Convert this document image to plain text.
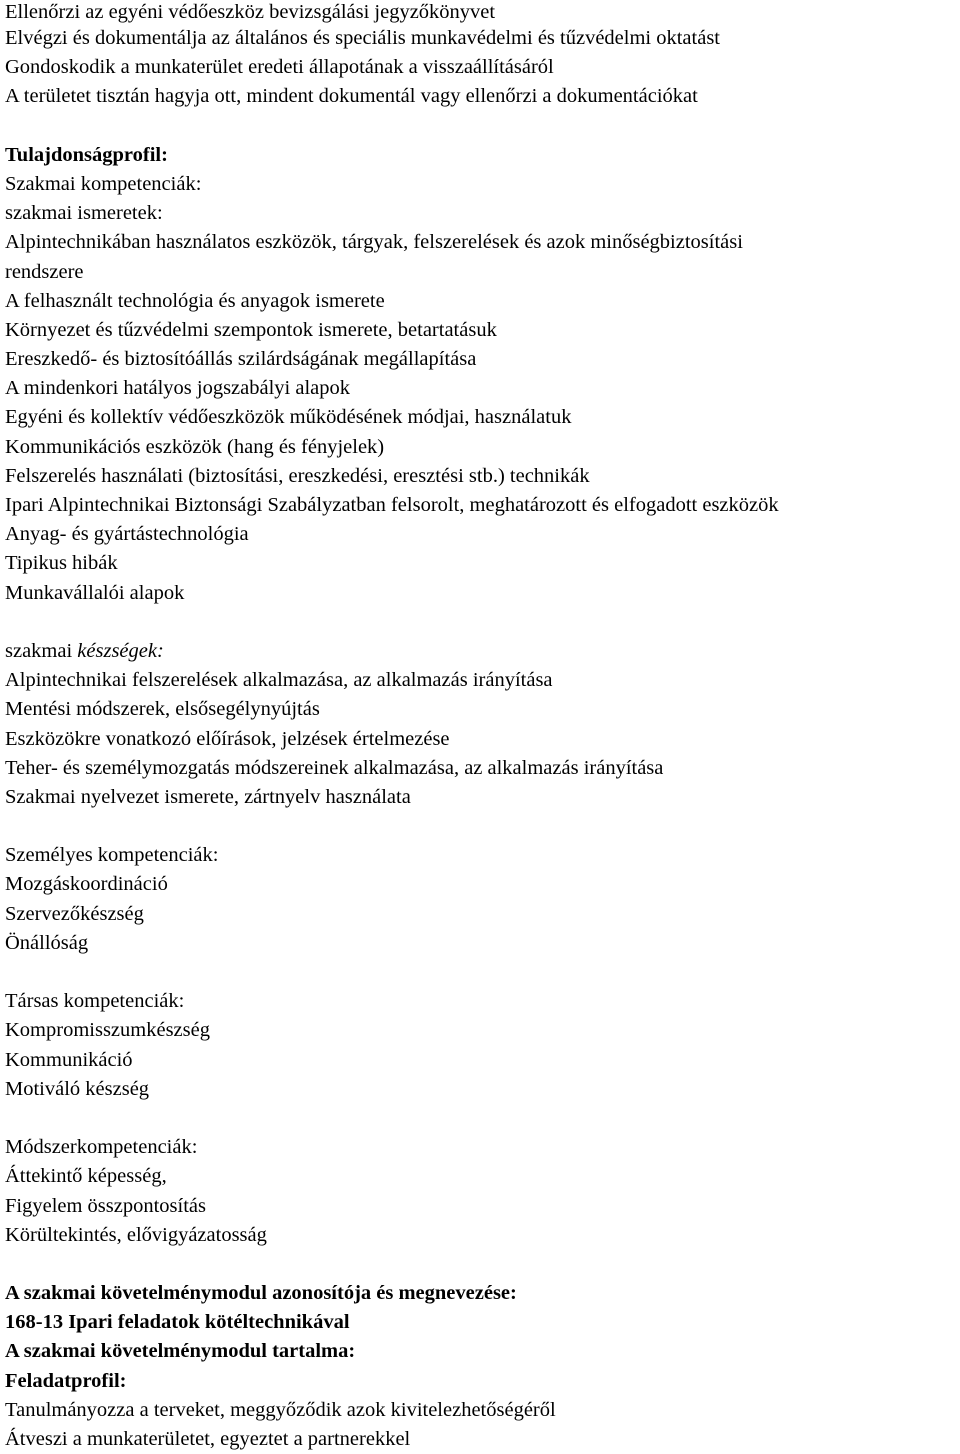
Ellenőrzi az egyéni védőeszköz bevizsgálási jegyzőkönyvet
Elvégzi és dokumentálja az általános és speciális munkavédelmi és tűzvédelmi oktatást
Gondoskodik a munkaterület eredeti állapotának a visszaállításáról
A területet tisztán hagyja ott, mindent dokumentál vagy ellenőrzi a dokumentációkat
Tulajdonságprofil:
Szakmai kompetenciák:
szakmai ismeretek:
Alpintechnikában használatos eszközök, tárgyak, felszerelések és azok minőségbiztosítási
rendszere
A felhasznált technológia és anyagok ismerete
Környezet és tűzvédelmi szempontok ismerete, betartatásuk
Ereszkedő- és biztosítóállás szilárdságának megállapítása
A mindenkori hatályos jogszabályi alapok
Egyéni és kollektív védőeszközök működésének módjai, használatuk
Kommunikációs eszközök (hang és fényjelek)
Felszerelés használati (biztosítási, ereszkedési, eresztési stb.) technikák
Ipari Alpintechnikai Biztonsági Szabályzatban felsorolt, meghatározott és elfogadott eszközök
Anyag- és gyártástechnológia
Tipikus hibák
Munkavállalói alapok
szakmai készségek:
Alpintechnikai felszerelések alkalmazása, az alkalmazás irányítása
Mentési módszerek, elsősegélynyújtás
Eszközökre vonatkozó előírások, jelzések értelmezése
Teher- és személymozgatás módszereinek alkalmazása, az alkalmazás irányítása
Szakmai nyelvezet ismerete, zártnyelv használata
Személyes kompetenciák:
Mozgáskoordináció
Szervezőkészség
Önállóság
Társas kompetenciák:
Kompromisszumkészség
Kommunikáció
Motiváló készség
Módszerkompetenciák:
Áttekintő képesség,
Figyelem összpontosítás
Körültekintés, elővigyázatosság
A szakmai követelménymodul azonosítója és megnevezése:
168-13 Ipari feladatok kötéltechnikával
A szakmai követelménymodul tartalma:
Feladatprofil:
Tanulmányozza a terveket, meggyőződik azok kivitelezhetőségéről
Átveszi a munkaterületet, egyeztet a partnerekkel
